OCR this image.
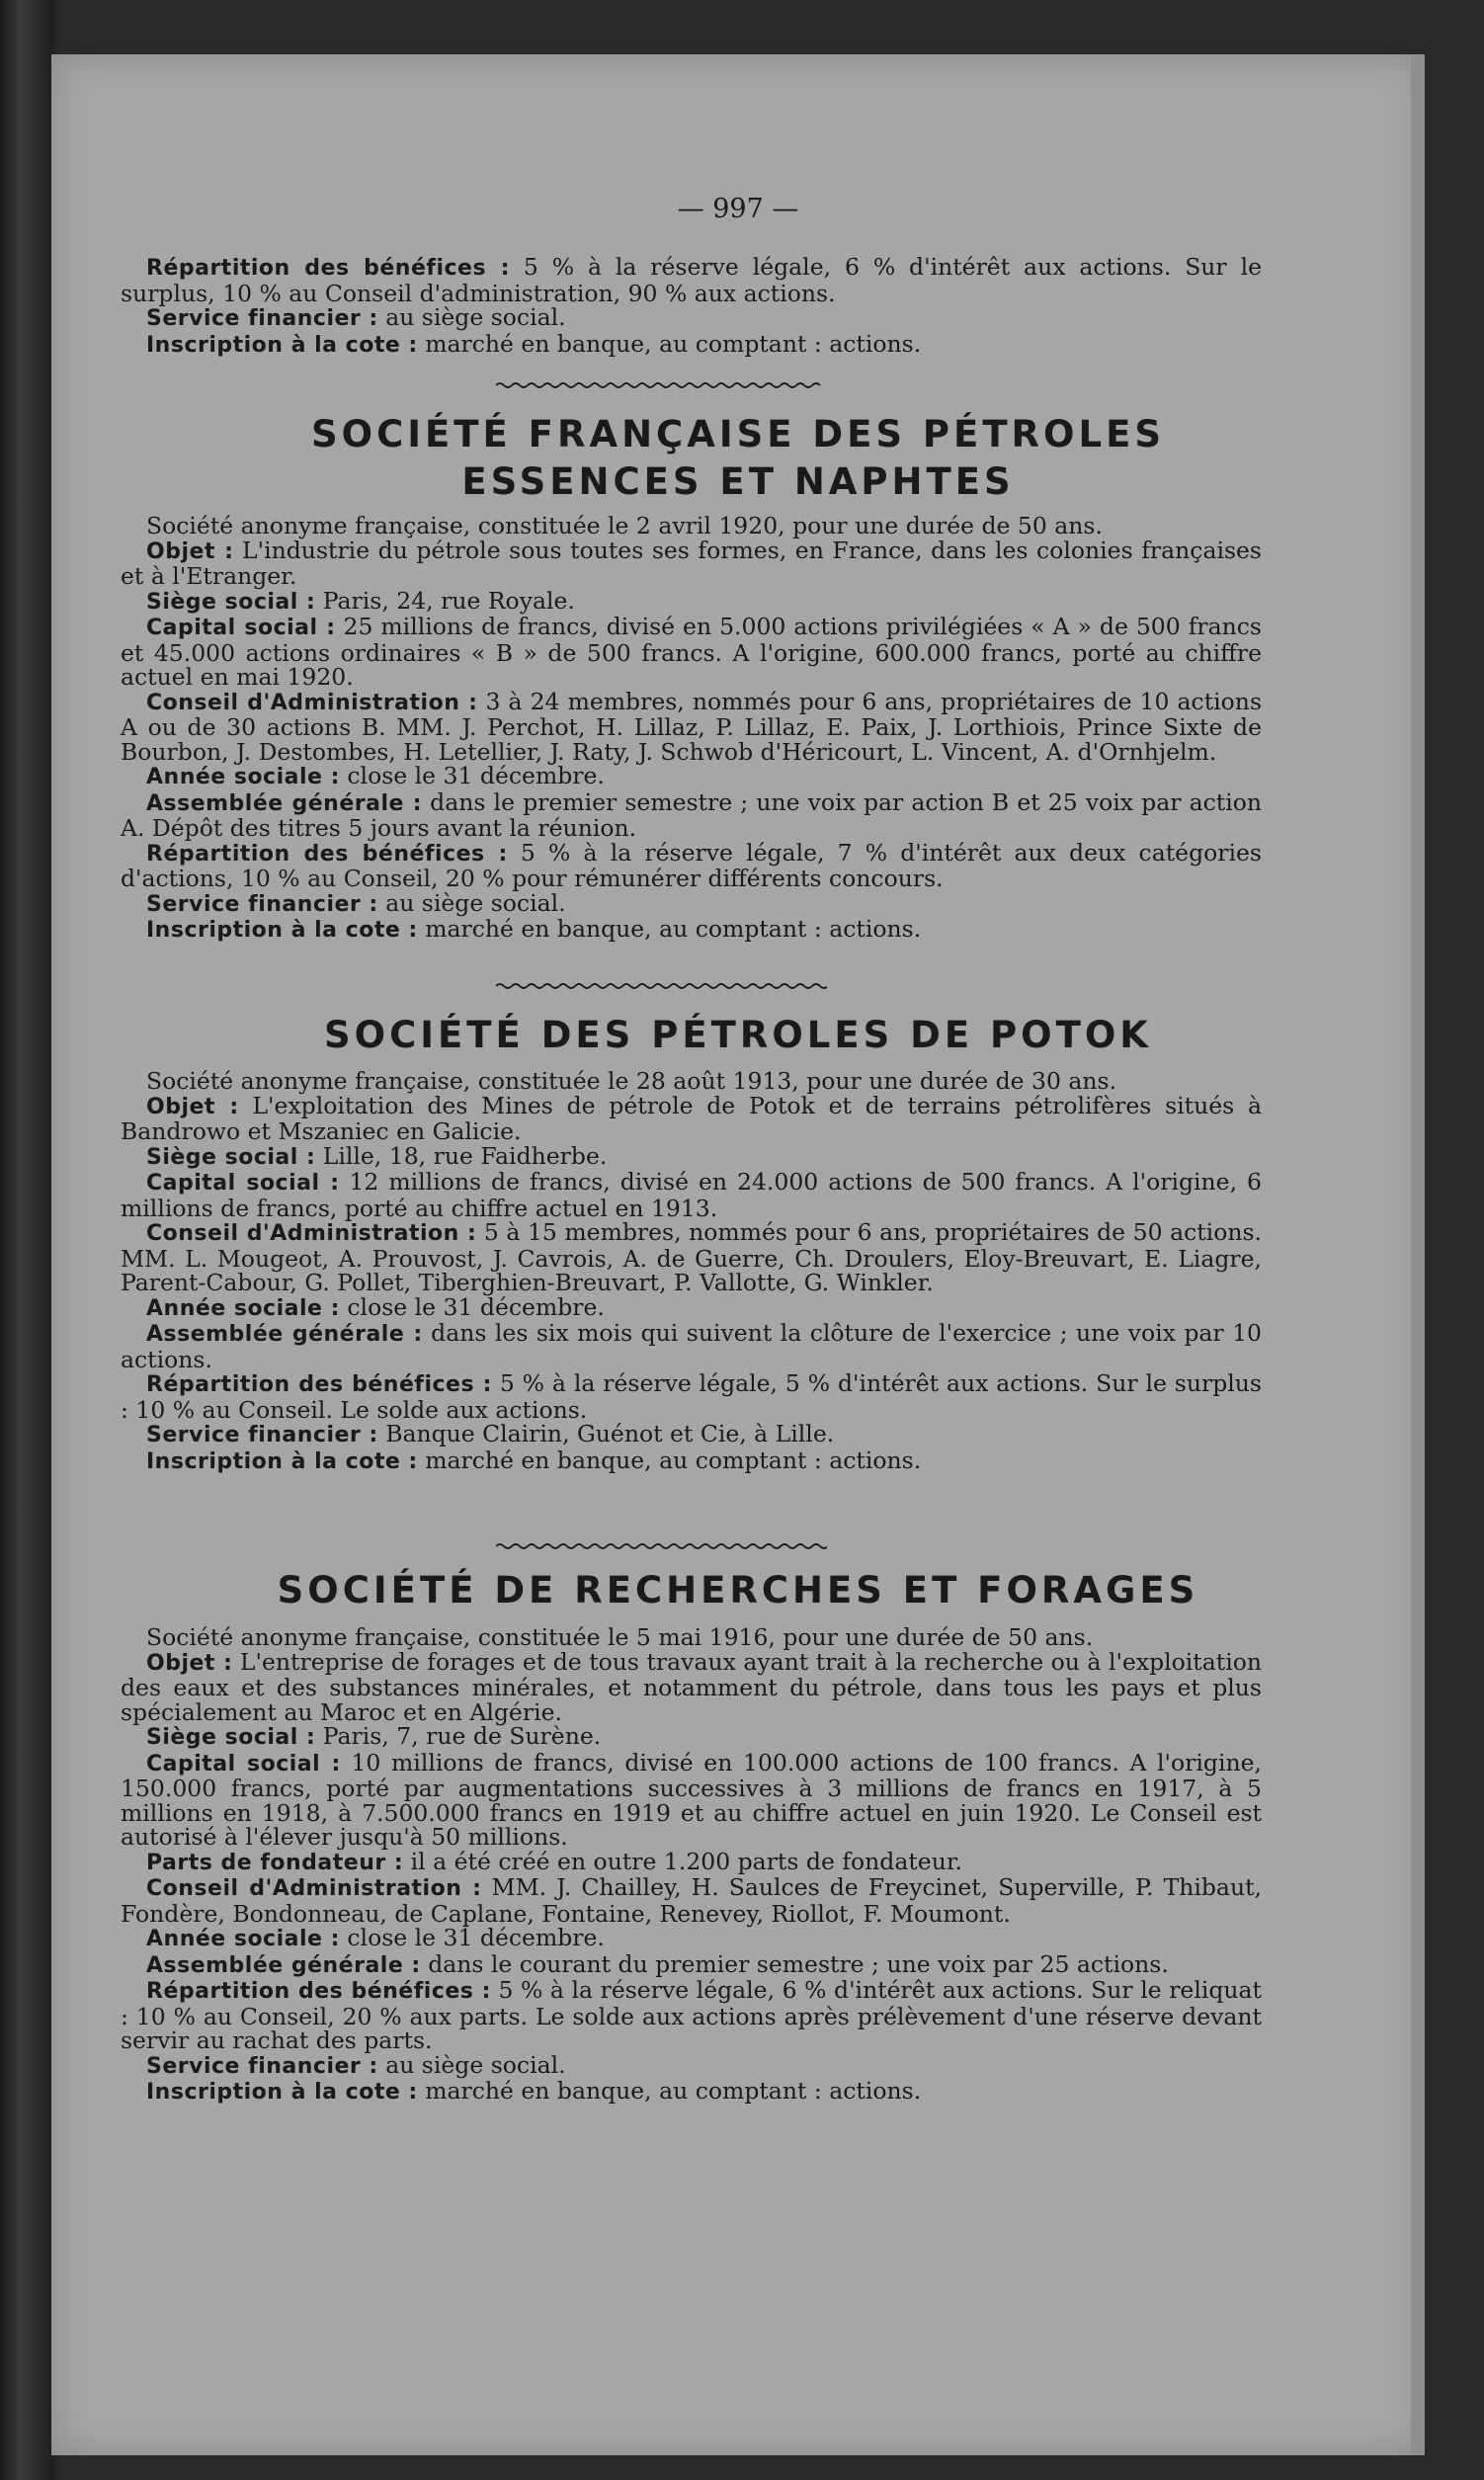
— 997 —

Répartition des bénéfices : 5 % à la réserve légale, 6 % d'intérêt aux actions. Sur le surplus, 10 % au Conseil d'administration, 90 % aux actions.

Service financier : au siège social.

Inscription à la cote : marché en banque, au comptant : actions.

SOCIÉTÉ FRANÇAISE DES PÉTROLES
ESSENCES ET NAPHTES

Société anonyme française, constituée le 2 avril 1920, pour une durée de 50 ans.

Objet : L'industrie du pétrole sous toutes ses formes, en France, dans les colonies françaises et à l'Etranger.

Siège social : Paris, 24, rue Royale.

Capital social : 25 millions de francs, divisé en 5.000 actions privilégiées « A » de 500 francs et 45.000 actions ordinaires « B » de 500 francs. A l'origine, 600.000 francs, porté au chiffre actuel en mai 1920.

Conseil d'Administration : 3 à 24 membres, nommés pour 6 ans, propriétaires de 10 actions A ou de 30 actions B. MM. J. Perchot, H. Lillaz, P. Lillaz, E. Paix, J. Lorthiois, Prince Sixte de Bourbon, J. Destombes, H. Letellier, J. Raty, J. Schwob d'Héricourt, L. Vincent, A. d'Ornhjelm.

Année sociale : close le 31 décembre.

Assemblée générale : dans le premier semestre ; une voix par action B et 25 voix par action A. Dépôt des titres 5 jours avant la réunion.

Répartition des bénéfices : 5 % à la réserve légale, 7 % d'intérêt aux deux catégories d'actions, 10 % au Conseil, 20 % pour rémunérer différents concours.

Service financier : au siège social.

Inscription à la cote : marché en banque, au comptant : actions.

SOCIÉTÉ DES PÉTROLES DE POTOK

Société anonyme française, constituée le 28 août 1913, pour une durée de 30 ans.

Objet : L'exploitation des Mines de pétrole de Potok et de terrains pétrolifères situés à Bandrowo et Mszaniec en Galicie.

Siège social : Lille, 18, rue Faidherbe.

Capital social : 12 millions de francs, divisé en 24.000 actions de 500 francs. A l'origine, 6 millions de francs, porté au chiffre actuel en 1913.

Conseil d'Administration : 5 à 15 membres, nommés pour 6 ans, propriétaires de 50 actions. MM. L. Mougeot, A. Prouvost, J. Cavrois, A. de Guerre, Ch. Droulers, Eloy-Breuvart, E. Liagre, Parent-Cabour, G. Pollet, Tiberghien-Breuvart, P. Vallotte, G. Winkler.

Année sociale : close le 31 décembre.

Assemblée générale : dans les six mois qui suivent la clôture de l'exercice ; une voix par 10 actions.

Répartition des bénéfices : 5 % à la réserve légale, 5 % d'intérêt aux actions. Sur le surplus : 10 % au Conseil. Le solde aux actions.

Service financier : Banque Clairin, Guénot et Cie, à Lille.

Inscription à la cote : marché en banque, au comptant : actions.

SOCIÉTÉ DE RECHERCHES ET FORAGES

Société anonyme française, constituée le 5 mai 1916, pour une durée de 50 ans.

Objet : L'entreprise de forages et de tous travaux ayant trait à la recherche ou à l'exploitation des eaux et des substances minérales, et notamment du pétrole, dans tous les pays et plus spécialement au Maroc et en Algérie.

Siège social : Paris, 7, rue de Surène.

Capital social : 10 millions de francs, divisé en 100.000 actions de 100 francs. A l'origine, 150.000 francs, porté par augmentations successives à 3 millions de francs en 1917, à 5 millions en 1918, à 7.500.000 francs en 1919 et au chiffre actuel en juin 1920. Le Conseil est autorisé à l'élever jusqu'à 50 millions.

Parts de fondateur : il a été créé en outre 1.200 parts de fondateur.

Conseil d'Administration : MM. J. Chailley, H. Saulces de Freycinet, Superville, P. Thibaut, Fondère, Bondonneau, de Caplane, Fontaine, Renevey, Riollot, F. Moumont.

Année sociale : close le 31 décembre.

Assemblée générale : dans le courant du premier semestre ; une voix par 25 actions.

Répartition des bénéfices : 5 % à la réserve légale, 6 % d'intérêt aux actions. Sur le reliquat : 10 % au Conseil, 20 % aux parts. Le solde aux actions après prélèvement d'une réserve devant servir au rachat des parts.

Service financier : au siège social.

Inscription à la cote : marché en banque, au comptant : actions.
